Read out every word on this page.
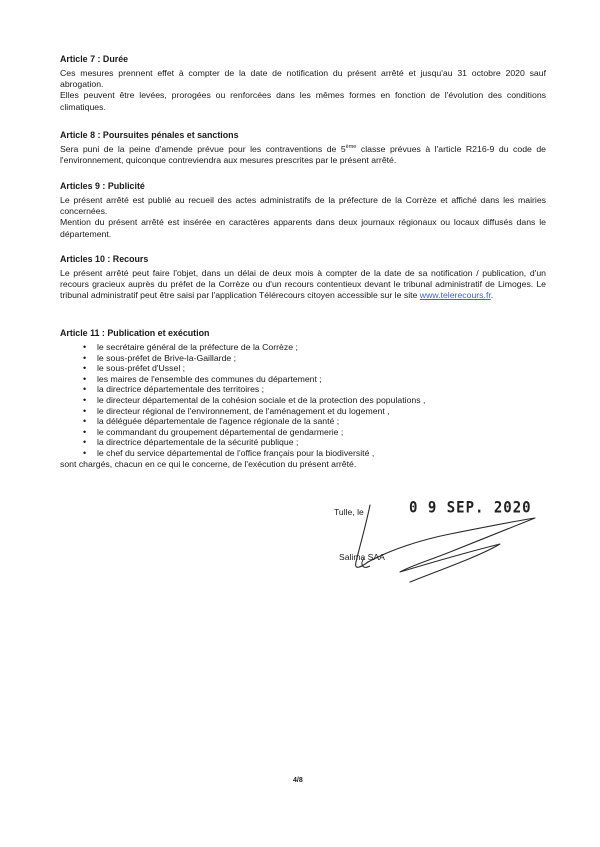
Article 7 : Durée

Ces mesures prennent effet à compter de la date de notification du présent arrêté et jusqu'au 31 octobre 2020 sauf abrogation.

Elles peuvent être levées, prorogées ou renforcées dans les mêmes formes en fonction de l'évolution des conditions climatiques.

Article 8 : Poursuites pénales et sanctions

Sera puni de la peine d'amende prévue pour les contraventions de 5ème classe prévues à l'article R216-9 du code de l'environnement, quiconque contreviendra aux mesures prescrites par le présent arrêté.

Articles 9 : Publicité

Le présent arrêté est publié au recueil des actes administratifs de la préfecture de la Corrèze et affiché dans les mairies concernées.

Mention du présent arrêté est insérée en caractères apparents dans deux journaux régionaux ou locaux diffusés dans le département.

Articles 10 : Recours

Le présent arrêté peut faire l'objet, dans un délai de deux mois à compter de la date de sa notification / publication, d'un recours gracieux auprès du préfet de la Corrèze ou d'un recours contentieux devant le tribunal administratif de Limoges. Le tribunal administratif peut être saisi par l'application Télérecours citoyen accessible sur le site www.telerecours.fr.

Article 11 : Publication et exécution
• le secrétaire général de la préfecture de la Corrèze ;
• le sous-préfet de Brive-la-Gaillarde ;
• le sous-préfet d'Ussel ;
• les maires de l'ensemble des communes du département ;
• la directrice départementale des territoires ;
• le directeur départemental de la cohésion sociale et de la protection des populations ,
• le directeur régional de l'environnement, de l'aménagement et du logement ,
• la déléguée départementale de l'agence régionale de la santé ;
• le commandant du groupement départemental de gendarmerie ;
• la directrice départementale de la sécurité publique ;
• le chef du service départemental de l'office français pour la biodiversité ,

sont chargés, chacun en ce qui le concerne, de l'exécution du présent arrêté.

Tulle, le	0 9 SEP. 2020
Salima SAA
4/8
